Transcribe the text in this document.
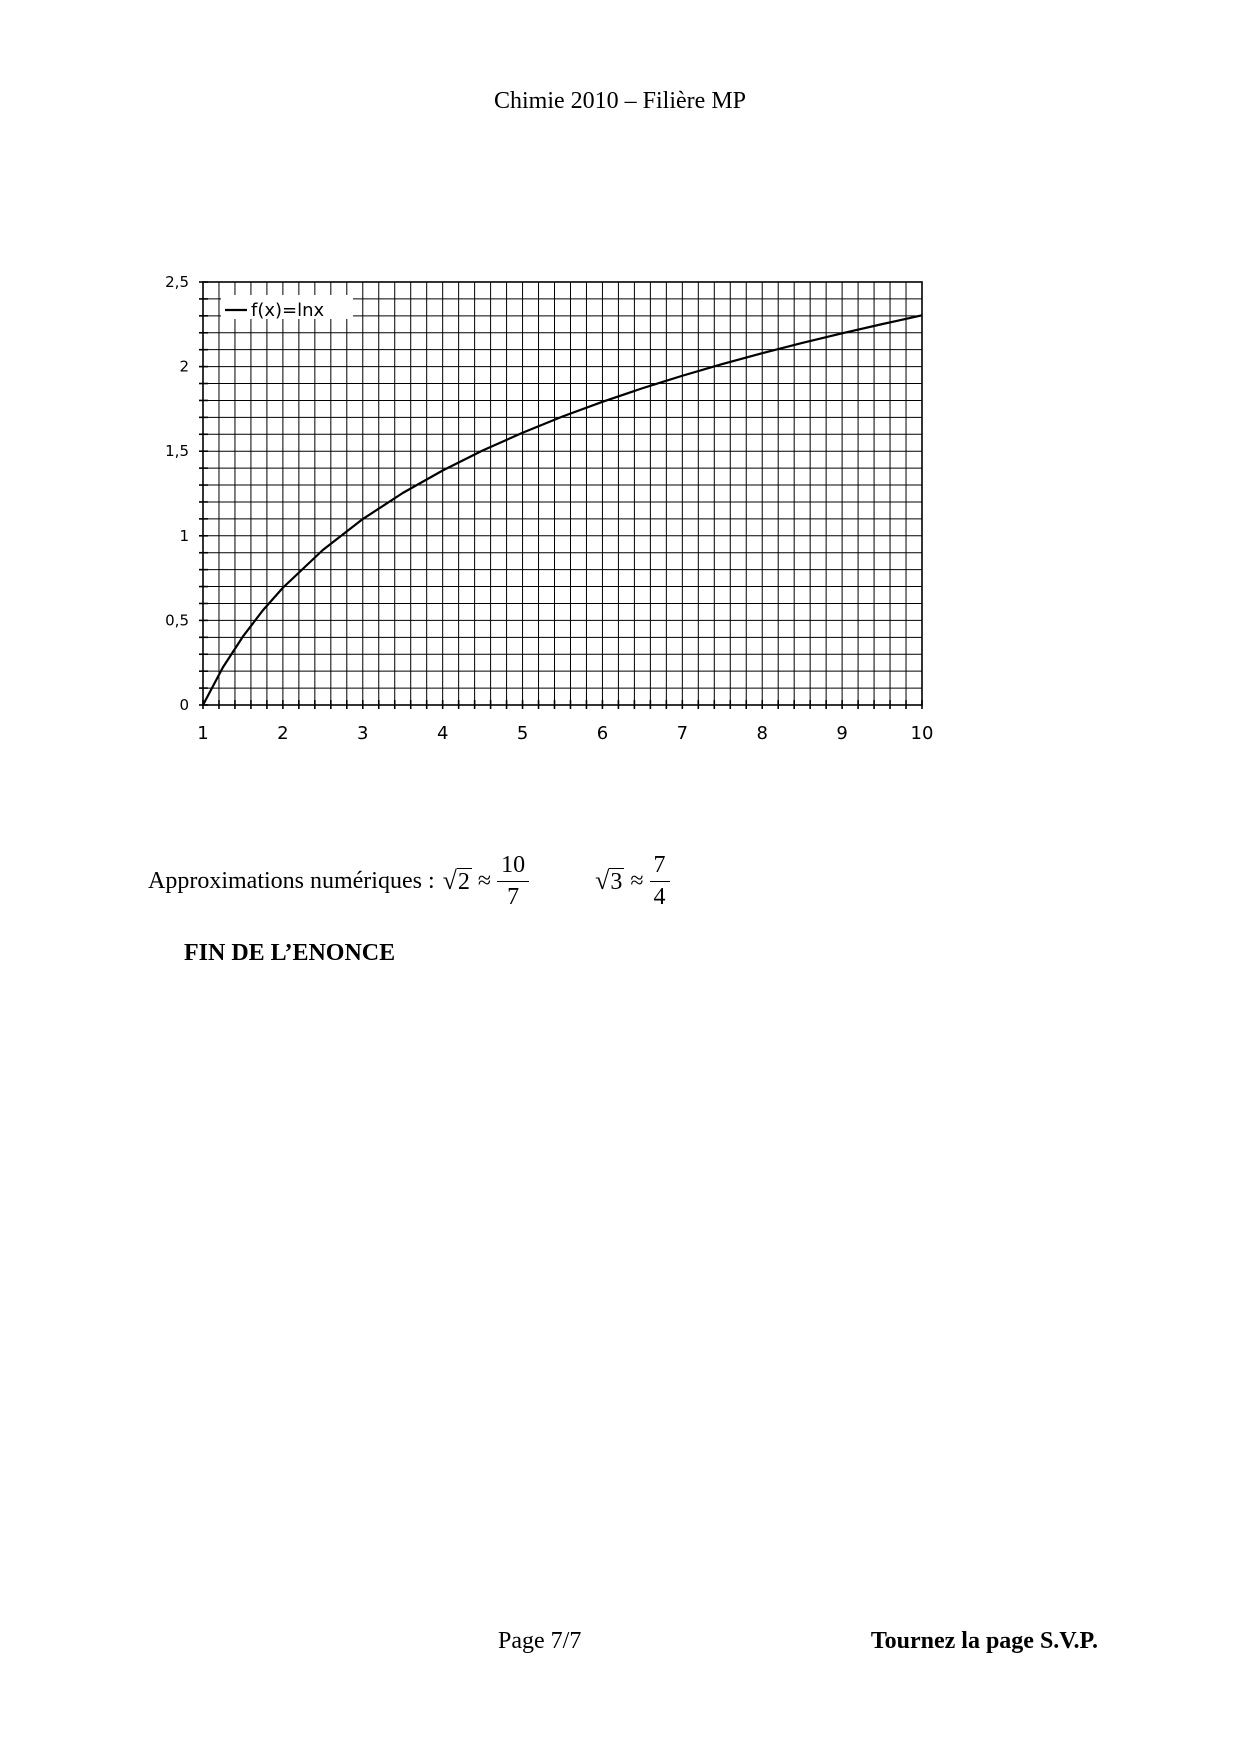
Chimie 2010 – Filière MP
1	2	3	4	5	6	7	8	9	10
0
0,5
1
1,5
2
2,5
f(x)=lnx
Approximations numériques : √ $2 \approx \frac{10}{7}$	√ $3 \approx \frac{7}{4}$
FIN DE L’ENONCE
Page 7/7	Tournez la page S.V.P.
